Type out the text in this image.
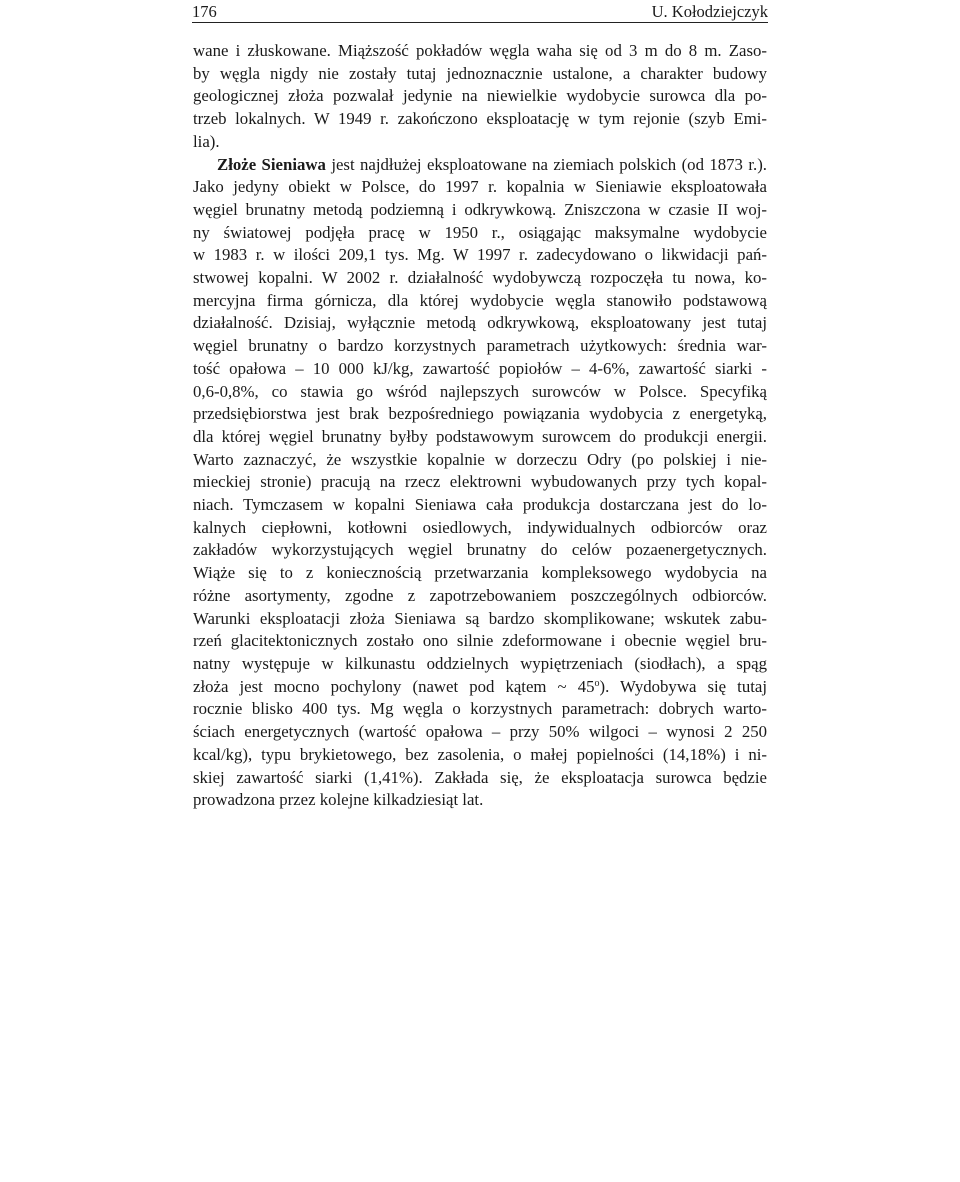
176	U. Kołodziejczyk
wane i złuskowane. Miąższość pokładów węgla waha się od 3 m do 8 m. Zaso-
by węgla nigdy nie zostały tutaj jednoznacznie ustalone, a charakter budowy
geologicznej złoża pozwalał jedynie na niewielkie wydobycie surowca dla po-
trzeb lokalnych. W 1949 r. zakończono eksploatację w tym rejonie (szyb Emi-
lia).
Złoże Sieniawa jest najdłużej eksploatowane na ziemiach polskich (od 1873 r.).
Jako jedyny obiekt w Polsce, do 1997 r. kopalnia w Sieniawie eksploatowała
węgiel brunatny metodą podziemną i odkrywkową. Zniszczona w czasie II woj-
ny światowej podjęła pracę w 1950 r., osiągając maksymalne wydobycie
w 1983 r. w ilości 209,1 tys. Mg. W 1997 r. zadecydowano o likwidacji pań-
stwowej kopalni. W 2002 r. działalność wydobywczą rozpoczęła tu nowa, ko-
mercyjna firma górnicza, dla której wydobycie węgla stanowiło podstawową
działalność. Dzisiaj, wyłącznie metodą odkrywkową, eksploatowany jest tutaj
węgiel brunatny o bardzo korzystnych parametrach użytkowych: średnia war-
tość opałowa – 10 000 kJ/kg, zawartość popiołów – 4-6%, zawartość siarki -
0,6-0,8%, co stawia go wśród najlepszych surowców w Polsce. Specyfiką
przedsiębiorstwa jest brak bezpośredniego powiązania wydobycia z energetyką,
dla której węgiel brunatny byłby podstawowym surowcem do produkcji energii.
Warto zaznaczyć, że wszystkie kopalnie w dorzeczu Odry (po polskiej i nie-
mieckiej stronie) pracują na rzecz elektrowni wybudowanych przy tych kopal-
niach. Tymczasem w kopalni Sieniawa cała produkcja dostarczana jest do lo-
kalnych ciepłowni, kotłowni osiedlowych, indywidualnych odbiorców oraz
zakładów wykorzystujących węgiel brunatny do celów pozaenergetycznych.
Wiąże się to z koniecznością przetwarzania kompleksowego wydobycia na
różne asortymenty, zgodne z zapotrzebowaniem poszczególnych odbiorców.
Warunki eksploatacji złoża Sieniawa są bardzo skomplikowane; wskutek zabu-
rzeń glacitektonicznych zostało ono silnie zdeformowane i obecnie węgiel bru-
natny występuje w kilkunastu oddzielnych wypiętrzeniach (siodłach), a spąg
złoża jest mocno pochylony (nawet pod kątem ~ 45$^o$). Wydobywa się tutaj
rocznie blisko 400 tys. Mg węgla o korzystnych parametrach: dobrych warto-
ściach energetycznych (wartość opałowa – przy 50% wilgoci – wynosi 2 250
kcal/kg), typu brykietowego, bez zasolenia, o małej popielności (14,18%) i ni-
skiej zawartość siarki (1,41%). Zakłada się, że eksploatacja surowca będzie
prowadzona przez kolejne kilkadziesiąt lat.
